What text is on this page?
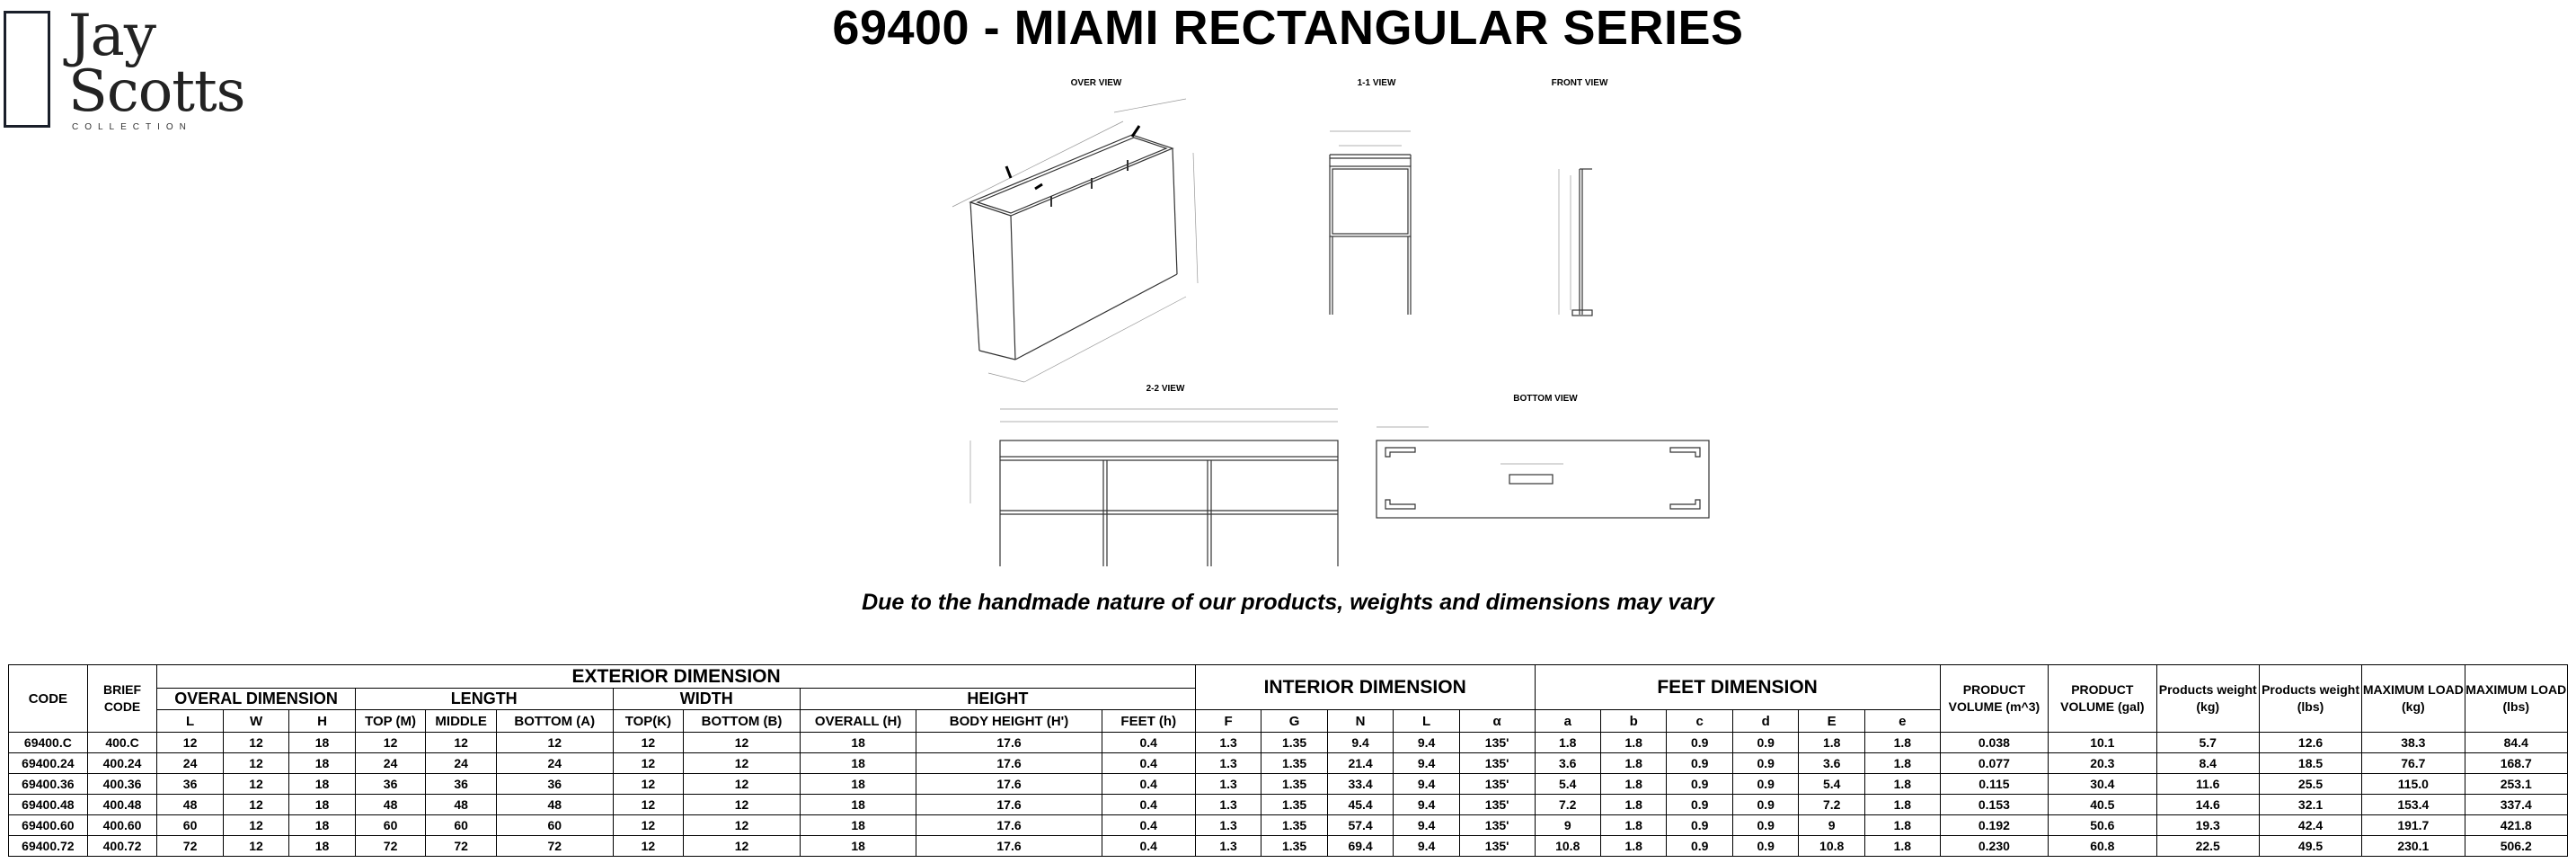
Jay
Scotts
COLLECTION
69400 - MIAMI RECTANGULAR SERIES
OVER VIEW	1-1 VIEW	FRONT VIEW
2-2 VIEW
BOTTOM VIEW
Due to the handmade nature of our products, weights and dimensions may vary
CODE	BRIEF CODE	EXTERIOR DIMENSION											INTERIOR DIMENSION					FEET DIMENSION						PRODUCT VOLUME (m^3)	PRODUCT VOLUME (gal)	Products weight (kg)	Products weight (lbs)	MAXIMUM LOAD (kg)	MAXIMUM LOAD (lbs)
		OVERAL DIMENSION			LENGTH			WIDTH		HEIGHT																			
		L	W	H	TOP (M)	MIDDLE	BOTTOM (A)	TOP(K)	BOTTOM (B)	OVERALL (H)	BODY HEIGHT (H')	FEET (h)	F	G	N	L	α	a	b	c	d	E	e						
69400.C	400.C	12	12	18	12	12	12	12	12	18	17.6	0.4	1.3	1.35	9.4	9.4	135'	1.8	1.8	0.9	0.9	1.8	1.8	0.038	10.1	5.7	12.6	38.3	84.4
69400.24	400.24	24	12	18	24	24	24	12	12	18	17.6	0.4	1.3	1.35	21.4	9.4	135'	3.6	1.8	0.9	0.9	3.6	1.8	0.077	20.3	8.4	18.5	76.7	168.7
69400.36	400.36	36	12	18	36	36	36	12	12	18	17.6	0.4	1.3	1.35	33.4	9.4	135'	5.4	1.8	0.9	0.9	5.4	1.8	0.115	30.4	11.6	25.5	115.0	253.1
69400.48	400.48	48	12	18	48	48	48	12	12	18	17.6	0.4	1.3	1.35	45.4	9.4	135'	7.2	1.8	0.9	0.9	7.2	1.8	0.153	40.5	14.6	32.1	153.4	337.4
69400.60	400.60	60	12	18	60	60	60	12	12	18	17.6	0.4	1.3	1.35	57.4	9.4	135'	9	1.8	0.9	0.9	9	1.8	0.192	50.6	19.3	42.4	191.7	421.8
69400.72	400.72	72	12	18	72	72	72	12	12	18	17.6	0.4	1.3	1.35	69.4	9.4	135'	10.8	1.8	0.9	0.9	10.8	1.8	0.230	60.8	22.5	49.5	230.1	506.2
